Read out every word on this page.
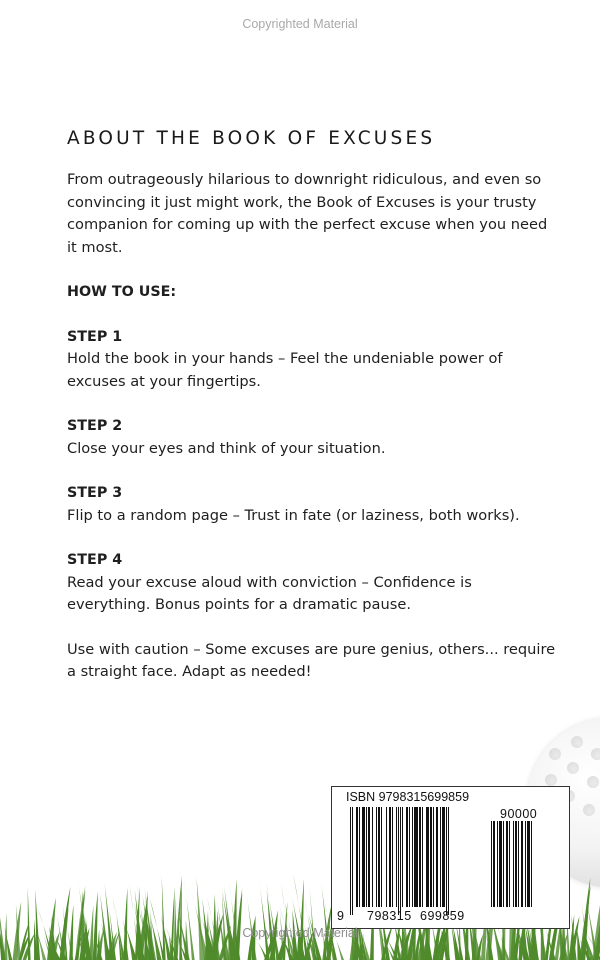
Copyrighted Material
ABOUT THE BOOK OF EXCUSES

From outrageously hilarious to downright ridiculous, and even so convincing it just might work, the Book of Excuses is your trusty companion for coming up with the perfect excuse when you need it most.

HOW TO USE:
STEP 1

Hold the book in your hands – Feel the undeniable power of excuses at your fingertips.

STEP 2

Close your eyes and think of your situation.

STEP 3

Flip to a random page – Trust in fate (or laziness, both works).

STEP 4

Read your excuse aloud with conviction – Confidence is everything. Bonus points for a dramatic pause.

Use with caution – Some excuses are pure genius, others... require a straight face. Adapt as needed!

ISBN 9798315699859
90000
9 798315 699859
Copyrighted Material
